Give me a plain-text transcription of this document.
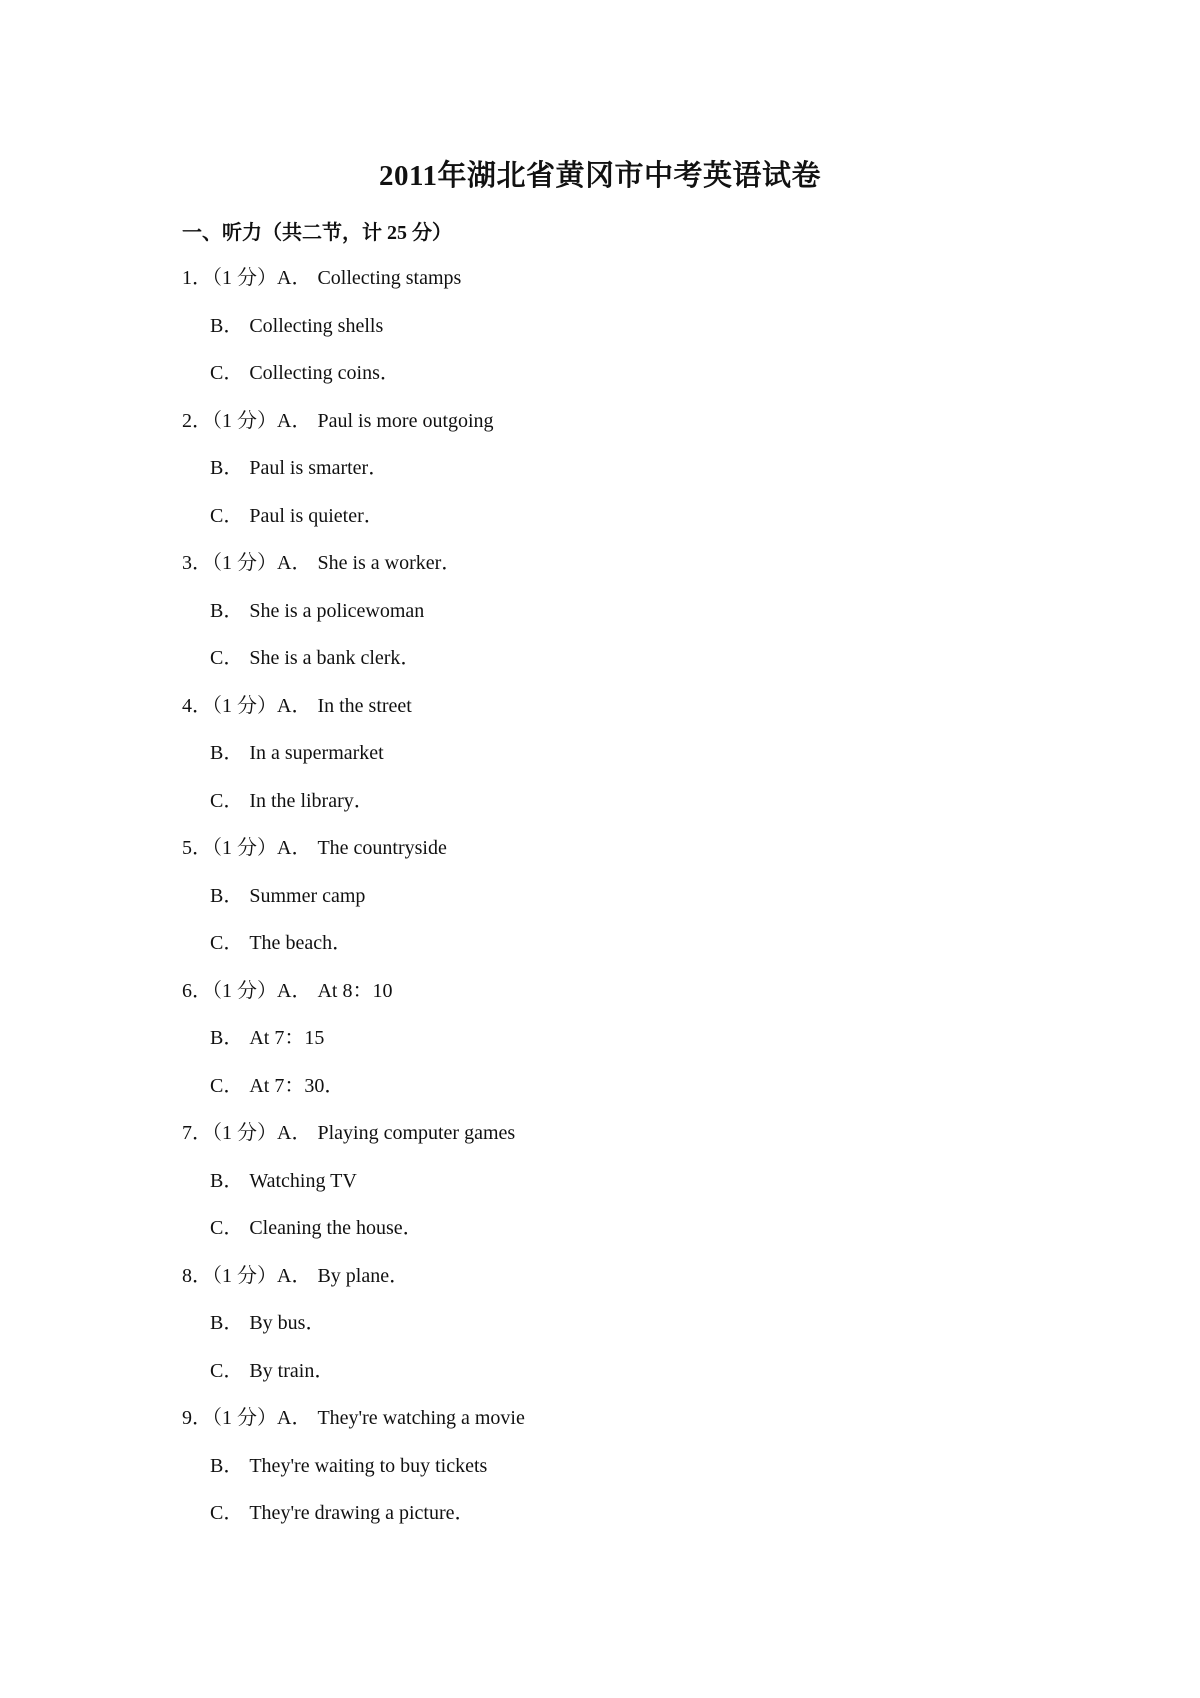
2011年湖北省黄冈市中考英语试卷
一、听力（共二节，计 25 分）
1．（1 分）A． Collecting stamps
B． Collecting shells
C． Collecting coins．
2．（1 分）A． Paul is more outgoing
B． Paul is smarter．
C． Paul is quieter．
3．（1 分）A． She is a worker．
B． She is a policewoman
C． She is a bank clerk．
4．（1 分）A． In the street
B． In a supermarket
C． In the library．
5．（1 分）A． The countryside
B． Summer camp
C． The beach．
6．（1 分）A． At 8：10
B． At 7：15
C． At 7：30．
7．（1 分）A． Playing computer games
B． Watching TV
C． Cleaning the house．
8．（1 分）A． By plane．
B． By bus．
C． By train．
9．（1 分）A． They're watching a movie
B． They're waiting to buy tickets
C． They're drawing a picture．
